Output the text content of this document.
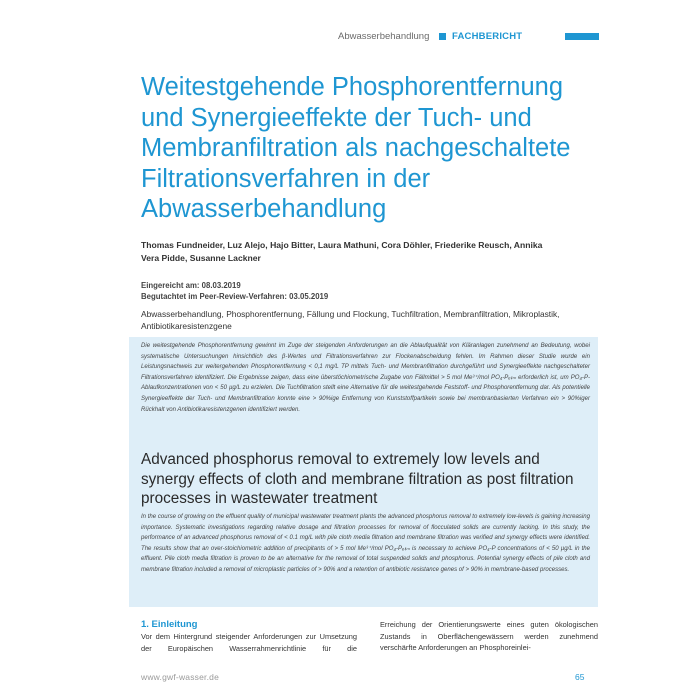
Abwasserbehandlung FACHBERICHT
Weitestgehende Phosphorentfernung und Synergieeffekte der Tuch- und Membranfiltration als nachgeschaltete Filtrationsverfahren in der Abwasserbehandlung
Thomas Fundneider, Luz Alejo, Hajo Bitter, Laura Mathuni, Cora Döhler, Friederike Reusch, Annika Vera Pidde, Susanne Lackner
Eingereicht am: 08.03.2019
Begutachtet im Peer-Review-Verfahren: 03.05.2019
Abwasserbehandlung, Phosphorentfernung, Fällung und Flockung, Tuchfiltration, Membranfiltration, Mikroplastik, Antibiotikaresistenzgene

Die weitestgehende Phosphorentfernung gewinnt im Zuge der steigenden Anforderungen an die Ablaufqualität von Kläranlagen zunehmend an Bedeutung, wobei systematische Untersuchungen hinsichtlich des β-Wertes und Filtrationsverfahren zur Flockenabscheidung fehlen. Im Rahmen dieser Studie wurde ein Leistungsnachweis zur weitergehenden Phosphorentfernung < 0,1 mg/L TP mittels Tuch- und Membranfiltration durchgeführt und Synergieeffekte nachgeschalteter Filtrationsverfahren identifiziert. Die Ergebnisse zeigen, dass eine überstöchiometrische Zugabe von Fällmittel > 5 mol Me³⁺/mol PO₄-Pₑₗᵢₘ erforderlich ist, um PO₄-P-Ablaufkonzentrationen von < 50 µg/L zu erzielen. Die Tuchfiltration stellt eine Alternative für die weitestgehende Feststoff- und Phosphorentfernung dar. Als potentielle Synergieeffekte der Tuch- und Membranfiltration konnte eine > 90%ige Entfernung von Kunststoffpartikeln sowie bei membranbasierten Verfahren ein > 90%iger Rückhalt von Antibiotikaresistenzgenen identifiziert werden.

Advanced phosphorus removal to extremely low levels and synergy effects of cloth and membrane filtration as post filtration processes in wastewater treatment

In the course of growing on the effluent quality of municipal wastewater treatment plants the advanced phosphorus removal to extremely low-levels is gaining increasing importance. Systematic investigations regarding relative dosage and filtration processes for removal of flocculated solids are currently lacking. In this study, the performance of an advanced phosphorus removal of < 0.1 mg/L with pile cloth media filtration and membrane filtration was verified and synergy effects were identified. The results show that an over-stoichiometric addition of precipitants of > 5 mol Me³⁺/mol PO₄-Pₑₗᵢₘ is necessary to achieve PO₄-P concentrations of < 50 µg/L in the effluent. Pile cloth media filtration is proven to be an alternative for the removal of total suspended solids and phosphorus. Potential synergy effects of pile cloth and membrane filtration included a removal of microplastic particles of > 90% and a retention of antibiotic resistance genes of > 90% in membrane-based processes.

1. Einleitung
Vor dem Hintergrund steigender Anforderungen zur Umsetzung der Europäischen Wasserrahmenrichtlinie für die
Erreichung der Orientierungswerte eines guten ökologischen Zustands in Oberflächengewässern werden zunehmend verschärfte Anforderungen an Phosphoreinlei-
www.gwf-wasser.de	65
